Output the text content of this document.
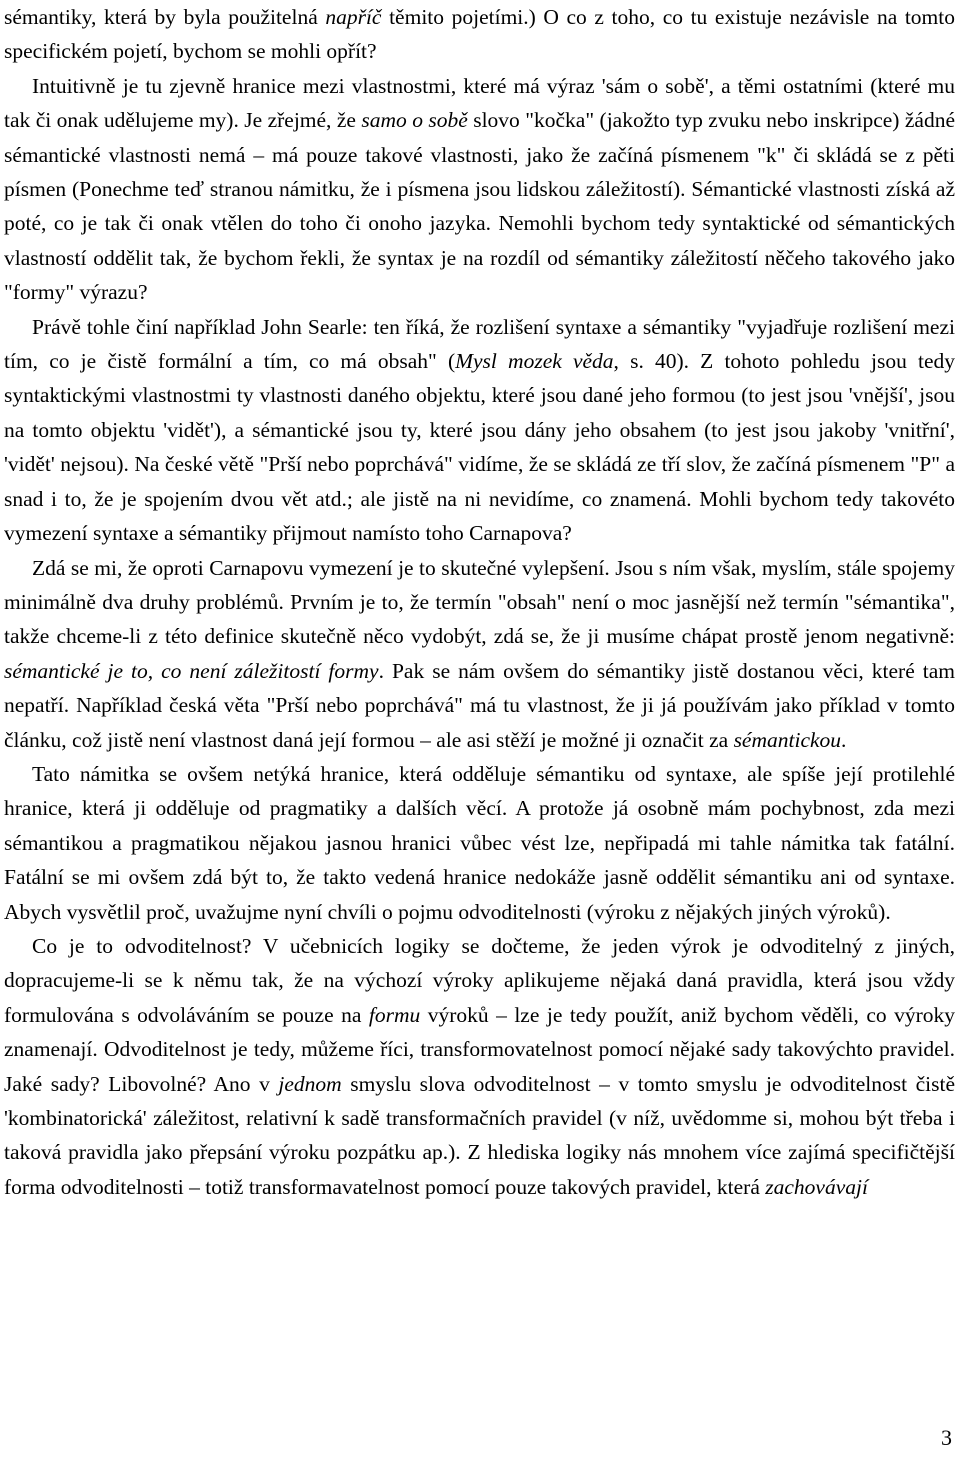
sémantiky, která by byla použitelná napříč těmito pojetími.) O co z toho, co tu existuje nezávisle na tomto specifickém pojetí, bychom se mohli opřít?

Intuitivně je tu zjevně hranice mezi vlastnostmi, které má výraz 'sám o sobě', a těmi ostatními (které mu tak či onak udělujeme my). Je zřejmé, že samo o sobě slovo "kočka" (jakožto typ zvuku nebo inskripce) žádné sémantické vlastnosti nemá – má pouze takové vlastnosti, jako že začíná písmenem "k" či skládá se z pěti písmen (Ponechme teď stranou námitku, že i písmena jsou lidskou záležitostí). Sémantické vlastnosti získá až poté, co je tak či onak vtělen do toho či onoho jazyka. Nemohli bychom tedy syntaktické od sémantických vlastností oddělit tak, že bychom řekli, že syntax je na rozdíl od sémantiky záležitostí něčeho takového jako "formy" výrazu?

Právě tohle činí například John Searle: ten říká, že rozlišení syntaxe a sémantiky "vyjadřuje rozlišení mezi tím, co je čistě formální a tím, co má obsah" (Mysl mozek věda, s. 40). Z tohoto pohledu jsou tedy syntaktickými vlastnostmi ty vlastnosti daného objektu, které jsou dané jeho formou (to jest jsou 'vnější', jsou na tomto objektu 'vidět'), a sémantické jsou ty, které jsou dány jeho obsahem (to jest jsou jakoby 'vnitřní', 'vidět' nejsou). Na české větě "Prší nebo poprchává" vidíme, že se skládá ze tří slov, že začíná písmenem "P" a snad i to, že je spojením dvou vět atd.; ale jistě na ni nevidíme, co znamená. Mohli bychom tedy takovéto vymezení syntaxe a sémantiky přijmout namísto toho Carnapova?

Zdá se mi, že oproti Carnapovu vymezení je to skutečné vylepšení. Jsou s ním však, myslím, stále spojemy minimálně dva druhy problémů. Prvním je to, že termín "obsah" není o moc jasnější než termín "sémantika", takže chceme-li z této definice skutečně něco vydobýt, zdá se, že ji musíme chápat prostě jenom negativně: sémantické je to, co není záležitostí formy. Pak se nám ovšem do sémantiky jistě dostanou věci, které tam nepatří. Například česká věta "Prší nebo poprchává" má tu vlastnost, že ji já používám jako příklad v tomto článku, což jistě není vlastnost daná její formou – ale asi stěží je možné ji označit za sémantickou.

Tato námitka se ovšem netýká hranice, která odděluje sémantiku od syntaxe, ale spíše její protilehlé hranice, která ji odděluje od pragmatiky a dalších věcí. A protože já osobně mám pochybnost, zda mezi sémantikou a pragmatikou nějakou jasnou hranici vůbec vést lze, nepřipadá mi tahle námitka tak fatální. Fatální se mi ovšem zdá být to, že takto vedená hranice nedokáže jasně oddělit sémantiku ani od syntaxe. Abych vysvětlil proč, uvažujme nyní chvíli o pojmu odvoditelnosti (výroku z nějakých jiných výroků).

Co je to odvoditelnost? V učebnicích logiky se dočteme, že jeden výrok je odvoditelný z jiných, dopracujeme-li se k němu tak, že na výchozí výroky aplikujeme nějaká daná pravidla, která jsou vždy formulována s odvoláváním se pouze na formu výroků – lze je tedy použít, aniž bychom věděli, co výroky znamenají. Odvoditelnost je tedy, můžeme říci, transformovatelnost pomocí nějaké sady takovýchto pravidel. Jaké sady? Libovolné? Ano v jednom smyslu slova odvoditelnost – v tomto smyslu je odvoditelnost čistě 'kombinatorická' záležitost, relativní k sadě transformačních pravidel (v níž, uvědomme si, mohou být třeba i taková pravidla jako přepsání výroku pozpátku ap.). Z hlediska logiky nás mnohem více zajímá specifičtější forma odvoditelnosti – totiž transformavatelnost pomocí pouze takových pravidel, která zachovávají

3
